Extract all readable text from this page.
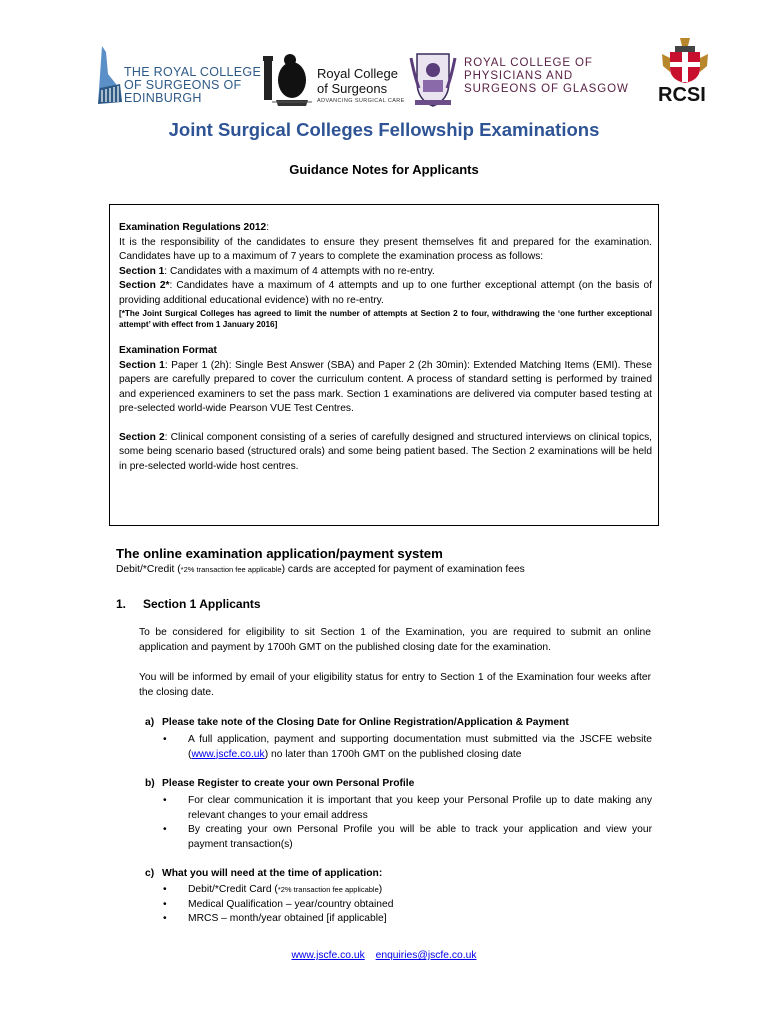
THE ROYAL COLLEGE
OF SURGEONS OF
EDINBURGH
Royal College
of Surgeons
ADVANCING SURGICAL CARE
ROYAL COLLEGE OF
PHYSICIANS AND
SURGEONS OF GLASGOW RCSI
Joint Surgical Colleges Fellowship Examinations
Guidance Notes for Applicants

Examination Regulations 2012:

It is the responsibility of the candidates to ensure they present themselves fit and prepared for the examination. Candidates have up to a maximum of 7 years to complete the examination process as follows:

Section 1: Candidates with a maximum of 4 attempts with no re-entry.

Section 2*: Candidates have a maximum of 4 attempts and up to one further exceptional attempt (on the basis of providing additional educational evidence) with no re-entry.

[*The Joint Surgical Colleges has agreed to limit the number of attempts at Section 2 to four, withdrawing the ‘one further exceptional attempt’ with effect from 1 January 2016]

Examination Format

Section 1: Paper 1 (2h): Single Best Answer (SBA) and Paper 2 (2h 30min): Extended Matching Items (EMI). These papers are carefully prepared to cover the curriculum content. A process of standard setting is performed by trained and experienced examiners to set the pass mark. Section 1 examinations are delivered via computer based testing at pre-selected world-wide Pearson VUE Test Centres.

Section 2: Clinical component consisting of a series of carefully designed and structured interviews on clinical topics, some being scenario based (structured orals) and some being patient based. The Section 2 examinations will be held in pre-selected world-wide host centres.

The online examination application/payment system
Debit/*Credit (*2% transaction fee applicable) cards are accepted for payment of examination fees
1. Section 1 Applicants

To be considered for eligibility to sit Section 1 of the Examination, you are required to submit an online application and payment by 1700h GMT on the published closing date for the examination.

You will be informed by email of your eligibility status for entry to Section 1 of the Examination four weeks after the closing date.

a) Please take note of the Closing Date for Online Registration/Application & Payment
• A full application, payment and supporting documentation must submitted via the JSCFE website (www.jscfe.co.uk) no later than 1700h GMT on the published closing date
b) Please Register to create your own Personal Profile
• For clear communication it is important that you keep your Personal Profile up to date making any relevant changes to your email address
• By creating your own Personal Profile you will be able to track your application and view your payment transaction(s)
c) What you will need at the time of application:
• Debit/*Credit Card (*2% transaction fee applicable)
• Medical Qualification – year/country obtained
• MRCS – month/year obtained [if applicable]
www.jscfe.co.uk enquiries@jscfe.co.uk
